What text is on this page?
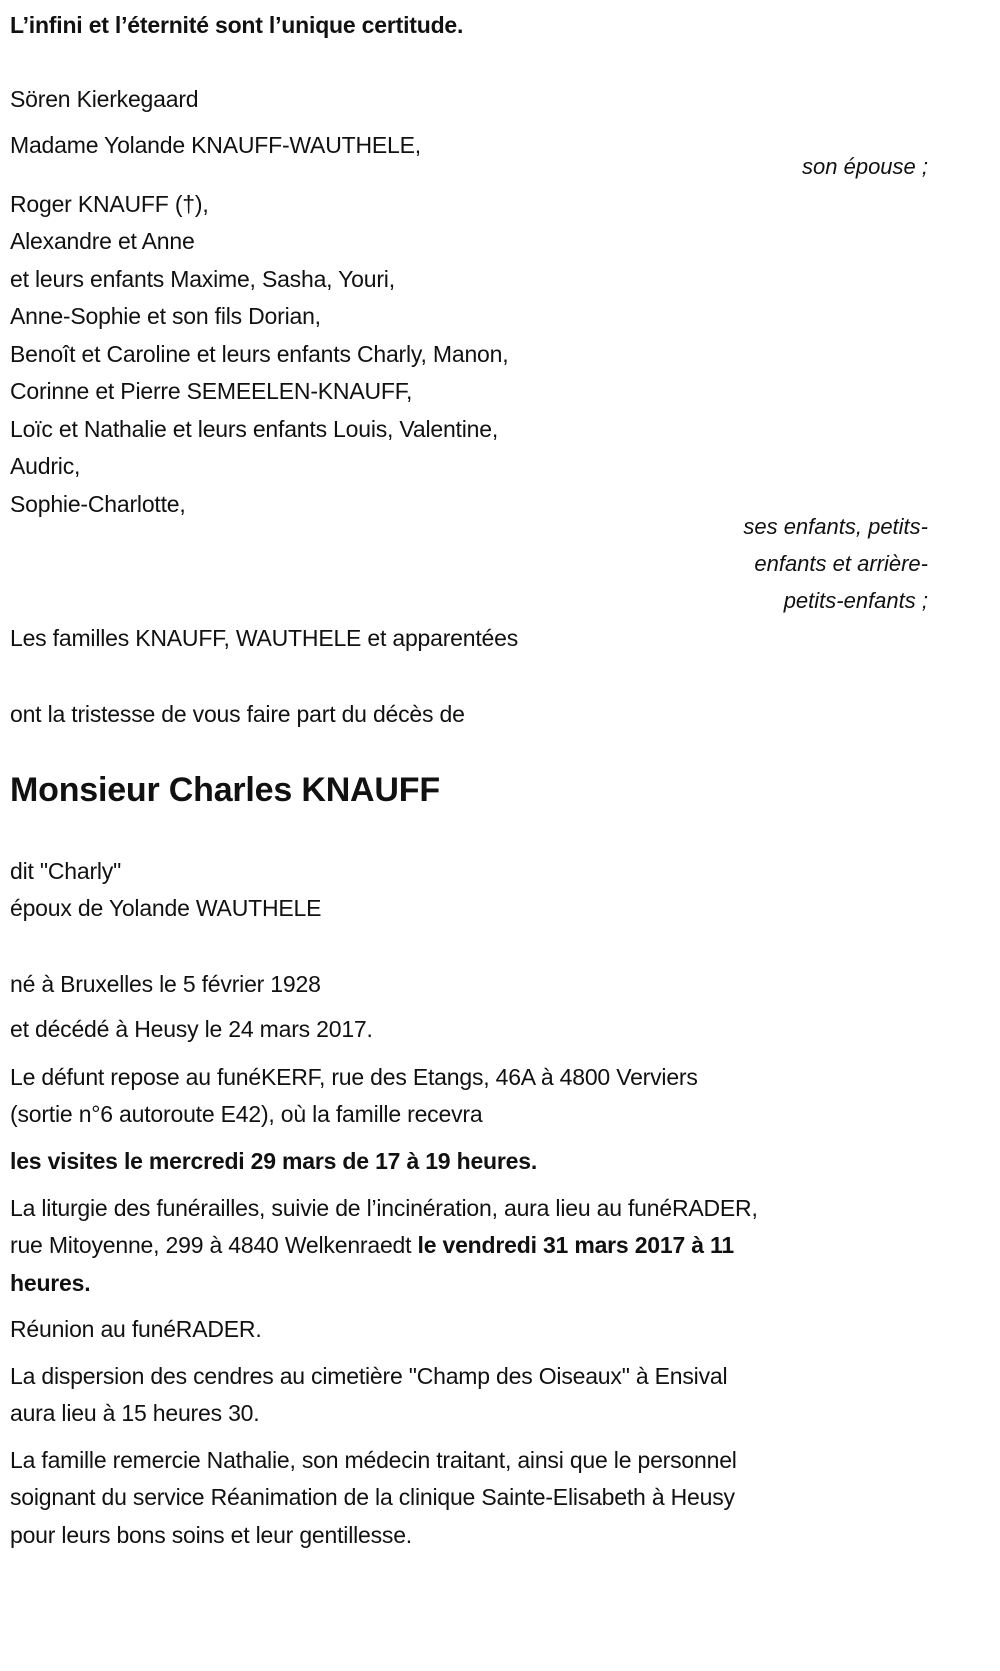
L’infini et l’éternité sont l’unique certitude.
Sören Kierkegaard
Madame Yolande KNAUFF-WAUTHELE,
son épouse ;
Roger KNAUFF (†),
Alexandre et Anne
et leurs enfants Maxime, Sasha, Youri,
Anne-Sophie et son fils Dorian,
Benoît et Caroline et leurs enfants Charly, Manon,
Corinne et Pierre SEMEELEN-KNAUFF,
Loïc et Nathalie et leurs enfants Louis, Valentine,
Audric,
Sophie-Charlotte,
ses enfants, petits-
enfants et arrière-
petits-enfants ;
Les familles KNAUFF, WAUTHELE et apparentées
ont la tristesse de vous faire part du décès de
Monsieur Charles KNAUFF
dit "Charly"
époux de Yolande WAUTHELE
né à Bruxelles le 5 février 1928
et décédé à Heusy le 24 mars 2017.
Le défunt repose au funéKERF, rue des Etangs, 46A à 4800 Verviers
(sortie n°6 autoroute E42), où la famille recevra
les visites le mercredi 29 mars de 17 à 19 heures.
La liturgie des funérailles, suivie de l’incinération, aura lieu au funéRADER,
rue Mitoyenne, 299 à 4840 Welkenraedt le vendredi 31 mars 2017 à 11
heures.
Réunion au funéRADER.
La dispersion des cendres au cimetière "Champ des Oiseaux" à Ensival
aura lieu à 15 heures 30.
La famille remercie Nathalie, son médecin traitant, ainsi que le personnel
soignant du service Réanimation de la clinique Sainte-Elisabeth à Heusy
pour leurs bons soins et leur gentillesse.
